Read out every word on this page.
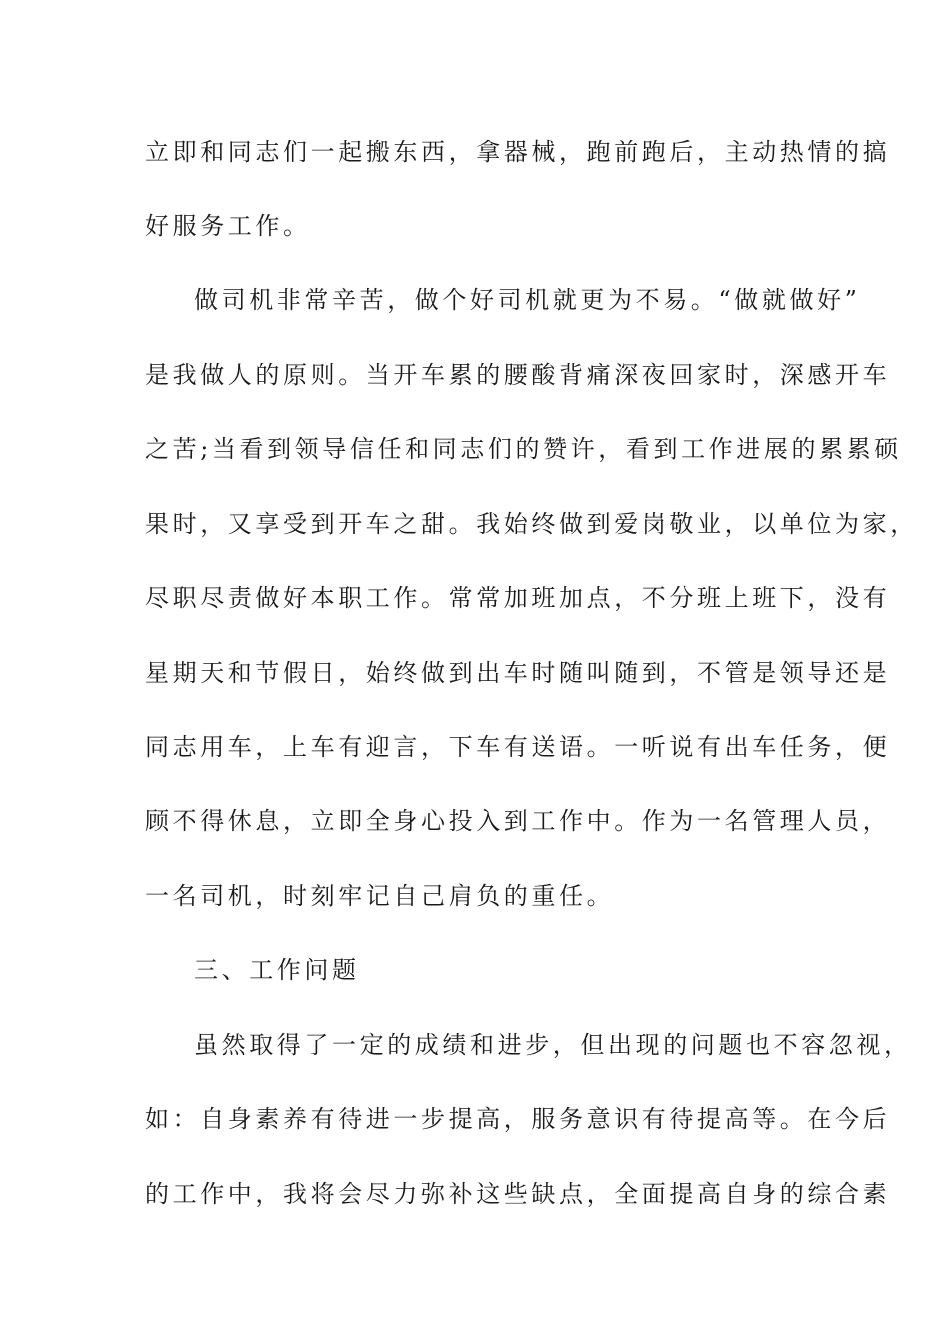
立即和同志们一起搬东西，拿器械，跑前跑后，主动热情的搞
好服务工作。
做司机非常辛苦，做个好司机就更为不易。“做就做好”
是我做人的原则。当开车累的腰酸背痛深夜回家时，深感开车
之苦;当看到领导信任和同志们的赞许，看到工作进展的累累硕
果时，又享受到开车之甜。我始终做到爱岗敬业，以单位为家，
尽职尽责做好本职工作。常常加班加点，不分班上班下，没有
星期天和节假日，始终做到出车时随叫随到，不管是领导还是
同志用车，上车有迎言，下车有送语。一听说有出车任务，便
顾不得休息，立即全身心投入到工作中。作为一名管理人员，
一名司机，时刻牢记自己肩负的重任。
三、工作问题
虽然取得了一定的成绩和进步，但出现的问题也不容忽视，
如：自身素养有待进一步提高，服务意识有待提高等。在今后
的工作中，我将会尽力弥补这些缺点，全面提高自身的综合素
